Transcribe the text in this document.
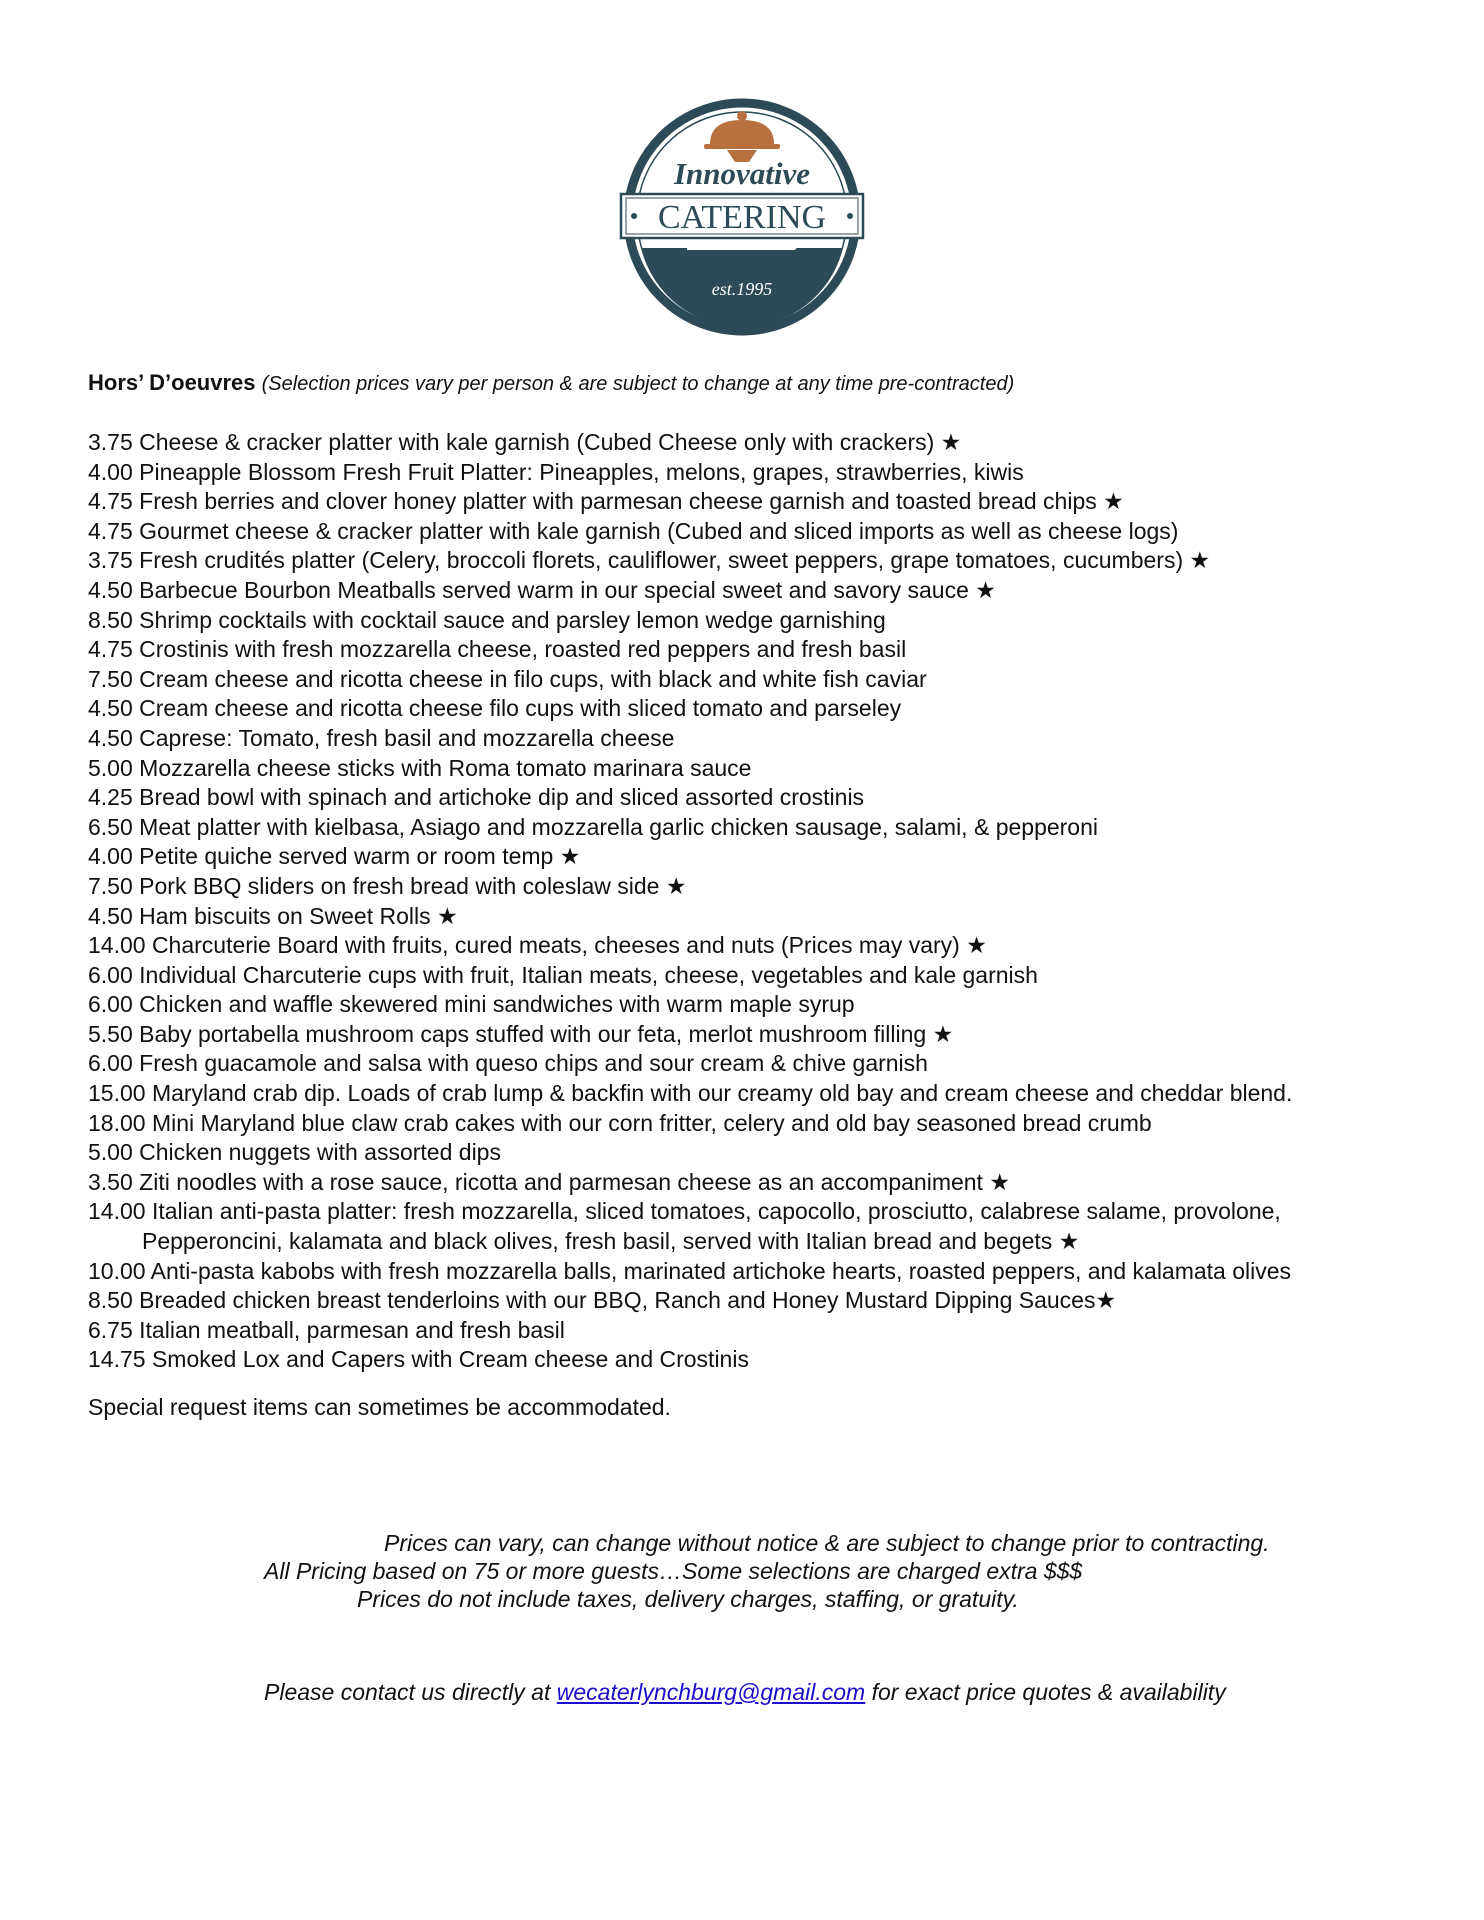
Innovative
CATERING
est.1995
Hors’ D’oeuvres (Selection prices vary per person & are subject to change at any time pre-contracted)
3.75 Cheese & cracker platter with kale garnish (Cubed Cheese only with crackers) ★
4.00 Pineapple Blossom Fresh Fruit Platter: Pineapples, melons, grapes, strawberries, kiwis
4.75 Fresh berries and clover honey platter with parmesan cheese garnish and toasted bread chips ★
4.75 Gourmet cheese & cracker platter with kale garnish (Cubed and sliced imports as well as cheese logs)
3.75 Fresh crudités platter (Celery, broccoli florets, cauliflower, sweet peppers, grape tomatoes, cucumbers) ★
4.50 Barbecue Bourbon Meatballs served warm in our special sweet and savory sauce ★
8.50 Shrimp cocktails with cocktail sauce and parsley lemon wedge garnishing
4.75 Crostinis with fresh mozzarella cheese, roasted red peppers and fresh basil
7.50 Cream cheese and ricotta cheese in filo cups, with black and white fish caviar
4.50 Cream cheese and ricotta cheese filo cups with sliced tomato and parseley
4.50 Caprese: Tomato, fresh basil and mozzarella cheese
5.00 Mozzarella cheese sticks with Roma tomato marinara sauce
4.25 Bread bowl with spinach and artichoke dip and sliced assorted crostinis
6.50 Meat platter with kielbasa, Asiago and mozzarella garlic chicken sausage, salami, & pepperoni
4.00 Petite quiche served warm or room temp ★
7.50 Pork BBQ sliders on fresh bread with coleslaw side ★
4.50 Ham biscuits on Sweet Rolls ★
14.00 Charcuterie Board with fruits, cured meats, cheeses and nuts (Prices may vary) ★
6.00 Individual Charcuterie cups with fruit, Italian meats, cheese, vegetables and kale garnish
6.00 Chicken and waffle skewered mini sandwiches with warm maple syrup
5.50 Baby portabella mushroom caps stuffed with our feta, merlot mushroom filling ★
6.00 Fresh guacamole and salsa with queso chips and sour cream & chive garnish
15.00 Maryland crab dip. Loads of crab lump & backfin with our creamy old bay and cream cheese and cheddar blend.
18.00 Mini Maryland blue claw crab cakes with our corn fritter, celery and old bay seasoned bread crumb
5.00 Chicken nuggets with assorted dips
3.50 Ziti noodles with a rose sauce, ricotta and parmesan cheese as an accompaniment ★
14.00 Italian anti-pasta platter: fresh mozzarella, sliced tomatoes, capocollo, prosciutto, calabrese salame, provolone,
Pepperoncini, kalamata and black olives, fresh basil, served with Italian bread and begets ★
10.00 Anti-pasta kabobs with fresh mozzarella balls, marinated artichoke hearts, roasted peppers, and kalamata olives
8.50 Breaded chicken breast tenderloins with our BBQ, Ranch and Honey Mustard Dipping Sauces★
6.75 Italian meatball, parmesan and fresh basil
14.75 Smoked Lox and Capers with Cream cheese and Crostinis
Special request items can sometimes be accommodated.
Prices can vary, can change without notice & are subject to change prior to contracting.
All Pricing based on 75 or more guests…Some selections are charged extra $$$
Prices do not include taxes, delivery charges, staffing, or gratuity.
Please contact us directly at wecaterlynchburg@gmail.com for exact price quotes & availability
